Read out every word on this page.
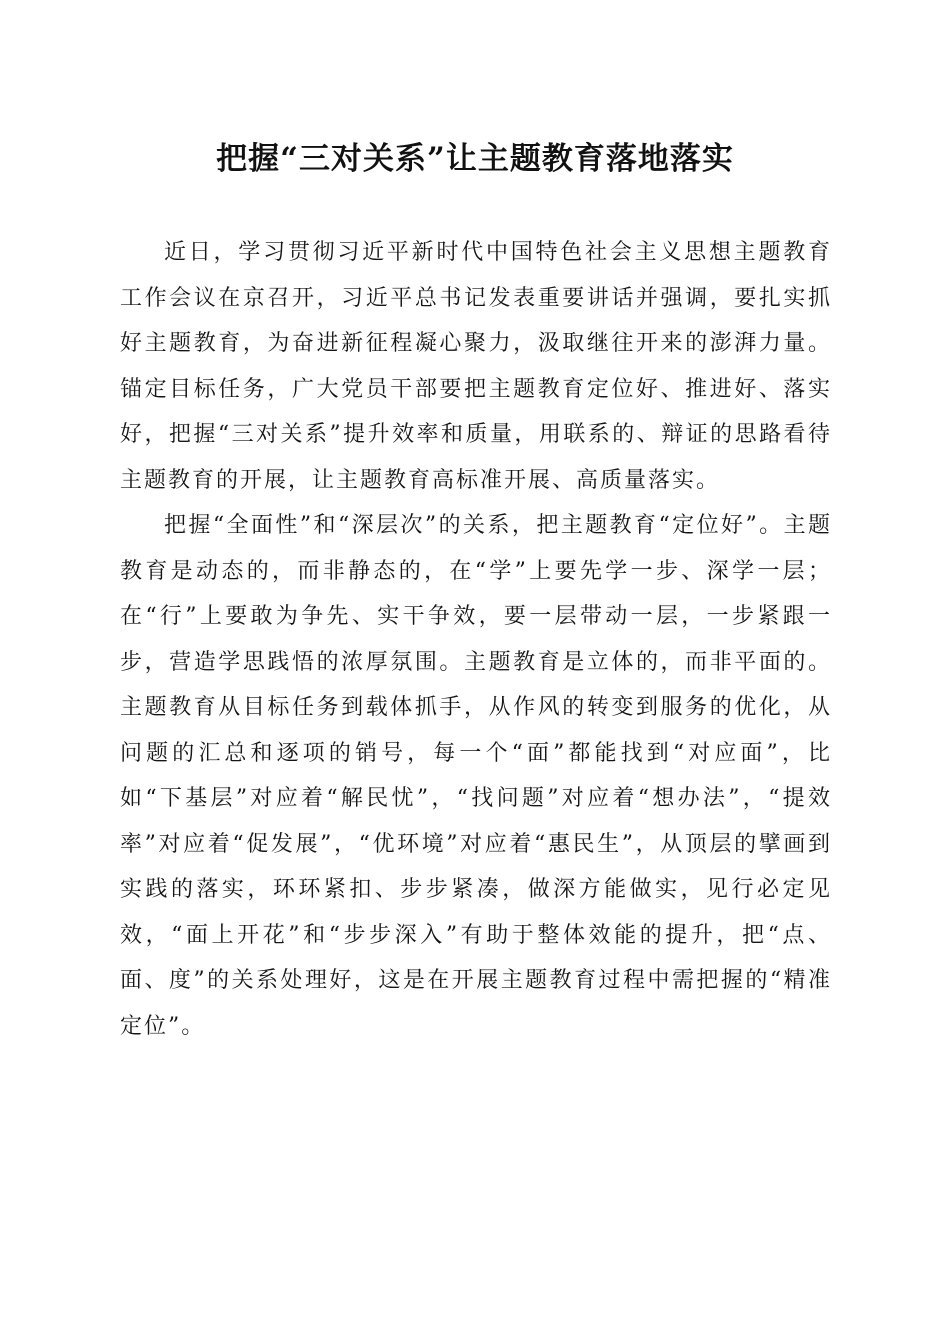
把握“三对关系”让主题教育落地落实

近日，学习贯彻习近平新时代中国特色社会主义思想主题教育工作会议在京召开，习近平总书记发表重要讲话并强调，要扎实抓好主题教育，为奋进新征程凝心聚力，汲取继往开来的澎湃力量。锚定目标任务，广大党员干部要把主题教育定位好、推进好、落实好，把握“三对关系”提升效率和质量，用联系的、辩证的思路看待主题教育的开展，让主题教育高标准开展、高质量落实。

把握“全面性”和“深层次”的关系，把主题教育“定位好”。主题教育是动态的，而非静态的，在“学”上要先学一步、深学一层；在“行”上要敢为争先、实干争效，要一层带动一层，一步紧跟一步，营造学思践悟的浓厚氛围。主题教育是立体的，而非平面的。主题教育从目标任务到载体抓手，从作风的转变到服务的优化，从问题的汇总和逐项的销号，每一个“面”都能找到“对应面”，比如“下基层”对应着“解民忧”，“找问题”对应着“想办法”，“提效率”对应着“促发展”，“优环境”对应着“惠民生”，从顶层的擘画到实践的落实，环环紧扣、步步紧凑，做深方能做实，见行必定见效，“面上开花”和“步步深入”有助于整体效能的提升，把“点、面、度”的关系处理好，这是在开展主题教育过程中需把握的“精准定位”。
